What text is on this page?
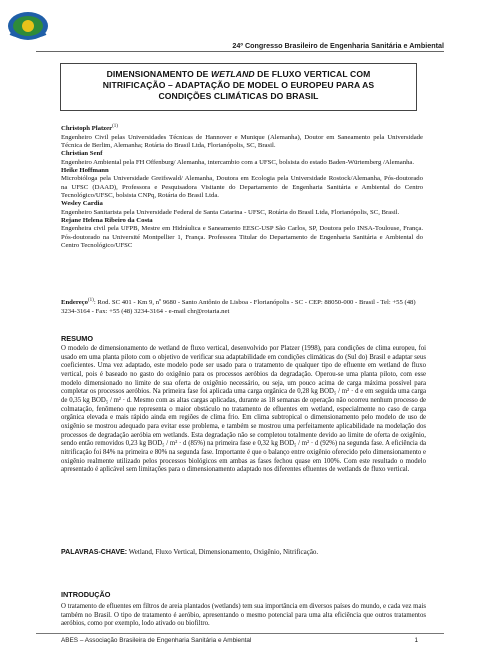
24º Congresso Brasileiro de Engenharia Sanitária e Ambiental
DIMENSIONAMENTO DE WETLAND DE FLUXO VERTICAL COM
NITRIFICAÇÃO – ADAPTAÇÃO DE MODEL O EUROPEU PARA AS
CONDIÇÕES CLIMÁTICAS DO BRASIL

Christoph Platzer$^{(1)}$

Engenheiro Civil pelas Universidades Técnicas de Hannover e Munique (Alemanha), Doutor em Saneamento pela Universidade Técnica de Berlim, Alemanha; Rotária do Brasil Ltda, Florianópolis, SC, Brasil.

Christian Senf

Engenheiro Ambiental pela FH Offenburg/ Alemanha, intercambio com a UFSC, bolsista do estado Baden-Würtemberg /Alemanha.

Heike Hoffmann

Microbióloga pela Universidade Greifswald/ Alemanha, Doutora em Ecologia pela Universidade Rostock/Alemanha, Pós-doutorado na UFSC (DAAD), Professora e Pesquisadora Visitante do Departamento de Engenharia Sanitária e Ambiental do Centro Tecnológico/UFSC, bolsista CNPq, Rotária do Brasil Ltda.

Wesley Cardia

Engenheiro Sanitarista pela Universidade Federal de Santa Catarina - UFSC, Rotária do Brasil Ltda, Florianópolis, SC, Brasil.

Rejane Helena Ribeiro da Costa

Engenheira civil pela UFPB, Mestre em Hidráulica e Saneamento EESC-USP São Carlos, SP, Doutora pelo INSA-Toulouse, França. Pós-doutorado na Université Montpellier 1, França. Professora Titular do Departamento de Engenharia Sanitária e Ambiental do Centro Tecnológico/UFSC

Endereço$^{(1)}$: Rod. SC 401 - Km 9, nº 9680 - Santo Antônio de Lisboa - Florianópolis - SC - CEP: 88050-000 - Brasil - Tel: +55 (48) 3234-3164 - Fax: +55 (48) 3234-3164 - e-mail chr@rotaria.net
RESUMO

O modelo de dimensionamento de wetland de fluxo vertical, desenvolvido por Platzer (1998), para condições de clima europeu, foi usado em uma planta piloto com o objetivo de verificar sua adaptabilidade em condições climáticas do (Sul do) Brasil e adaptar seus coeficientes. Uma vez adaptado, este modelo pode ser usado para o tratamento de qualquer tipo de efluente em wetland de fluxo vertical, pois é baseado no gasto do oxigênio para os processos aeróbios da degradação. Operou-se uma planta piloto, com esse modelo dimensionado no limite de sua oferta de oxigênio necessário, ou seja, um pouco acima de carga máxima possível para completar os processos aeróbios. Na primeira fase foi aplicada uma carga orgânica de 0,28 kg BOD₅ / m² · d e em seguida uma carga de 0,35 kg BOD₅ / m² · d. Mesmo com as altas cargas aplicadas, durante as 18 semanas de operação não ocorreu nenhum processo de colmatação, fenômeno que representa o maior obstáculo no tratamento de efluentes em wetland, especialmente no caso de carga orgânica elevada e mais rápido ainda em regiões de clima frio. Em clima subtropical o dimensionamento pelo modelo de uso de oxigênio se mostrou adequado para evitar esse problema, e também se mostrou uma perfeitamente aplicabilidade na modelação dos processos de degradação aeróbia em wetlands. Esta degradação não se completou totalmente devido ao limite de oferta de oxigênio, sendo então removidos 0,23 kg BOD₅ / m² · d (85%) na primeira fase e 0,32 kg BOD₅ / m² · d (92%) na segunda fase. A eficiência da nitrificação foi 84% na primeira e 80% na segunda fase. Importante é que o balanço entre oxigênio oferecido pelo dimensionamento e oxigênio realmente utilizado pelos processos biológicos em ambas as fases fechou quase em 100%. Com este resultado o modelo apresentado é aplicável sem limitações para o dimensionamento adaptado nos diferentes efluentes de wetlands de fluxo vertical.

PALAVRAS-CHAVE: Wetland, Fluxo Vertical, Dimensionamento, Oxigênio, Nitrificação.
INTRODUÇÃO

O tratamento de efluentes em filtros de areia plantados (wetlands) tem sua importância em diversos países do mundo, e cada vez mais também no Brasil. O tipo de tratamento é aeróbio, apresentando o mesmo potencial para uma alta eficiência que outros tratamentos aeróbios, como por exemplo, lodo ativado ou biofiltro.

ABES – Associação Brasileira de Engenharia Sanitária e Ambiental	1
